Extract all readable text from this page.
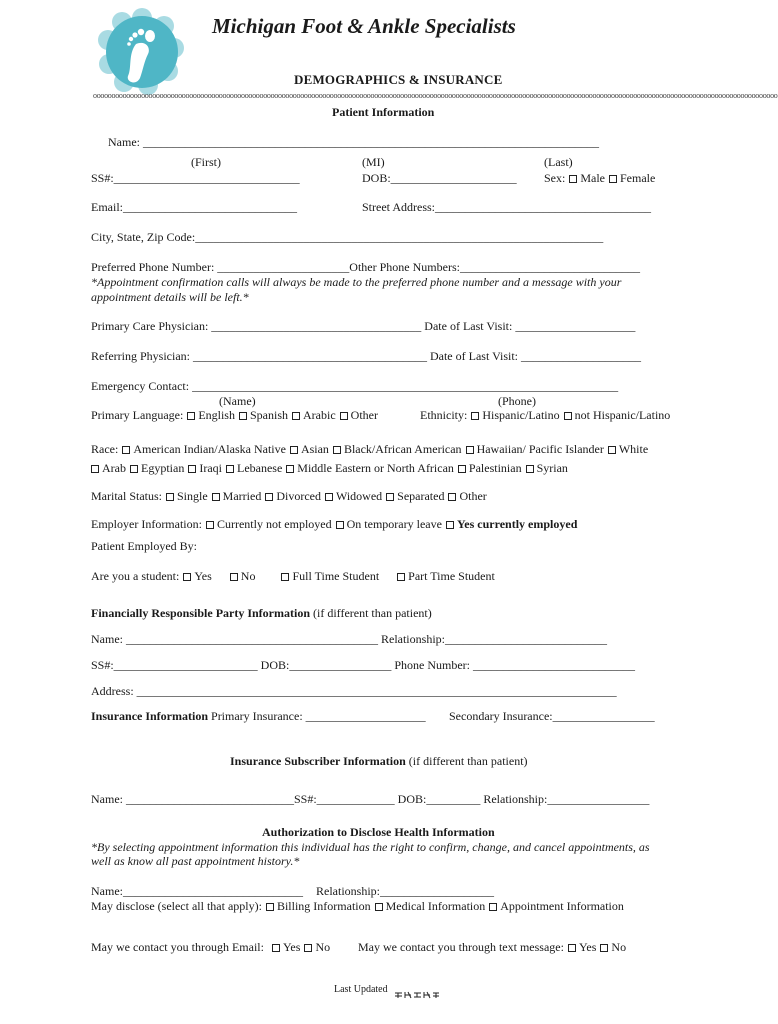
Michigan Foot & Ankle Specialists
DEMOGRAPHICS & INSURANCE
ooooooooooooooooooooooooooooooooooooooooooooooooooooooooooooooooooooooooooooooooooooooooooooooooooooooooooooooooooooooooooooooooooooooooooooooooooooooooooooooooooooooooooooooooooooooooo
Patient Information
Name: ____________________________________________________________________________
(First)	(MI)	(Last)
SS#:_______________________________	DOB:_____________________ Sex: Male Female
Email:_____________________________	Street Address:____________________________________
City, State, Zip Code:____________________________________________________________________
Preferred Phone Number: ______________________Other Phone Numbers:______________________________
*Appointment confirmation calls will always be made to the preferred phone number and a message with your
appointment details will be left.*
Primary Care Physician: ___________________________________ Date of Last Visit: ____________________
Referring Physician: _______________________________________ Date of Last Visit: ____________________
Emergency Contact: _______________________________________________________________________
(Name)	(Phone)
Primary Language: English Spanish Arabic Other	Ethnicity: Hispanic/Latino not Hispanic/Latino
Race: American Indian/Alaska Native Asian Black/African American Hawaiian/ Pacific Islander White
Arab Egyptian Iraqi Lebanese Middle Eastern or North African Palestinian Syrian
Marital Status: Single Married Divorced Widowed Separated Other
Employer Information: Currently not employed On temporary leave Yes currently employed
Patient Employed By:
Are you a student: Yes No	Full Time Student Part Time Student
Financially Responsible Party Information (if different than patient)
Name: __________________________________________ Relationship:___________________________
SS#:________________________ DOB:_________________ Phone Number: ___________________________
Address: ________________________________________________________________________________
Insurance Information Primary Insurance: ____________________ Secondary Insurance:_________________
Insurance Subscriber Information (if different than patient)
Name: ____________________________SS#:_____________ DOB:_________ Relationship:_________________
Authorization to Disclose Health Information
*By selecting appointment information this individual has the right to confirm, change, and cancel appointments, as
well as know all past appointment history.*
Name:______________________________ Relationship:___________________
May disclose (select all that apply): Billing Information Medical Information Appointment Information
May we contact you through Email: Yes No May we contact you through text message: Yes No
Last Updated
